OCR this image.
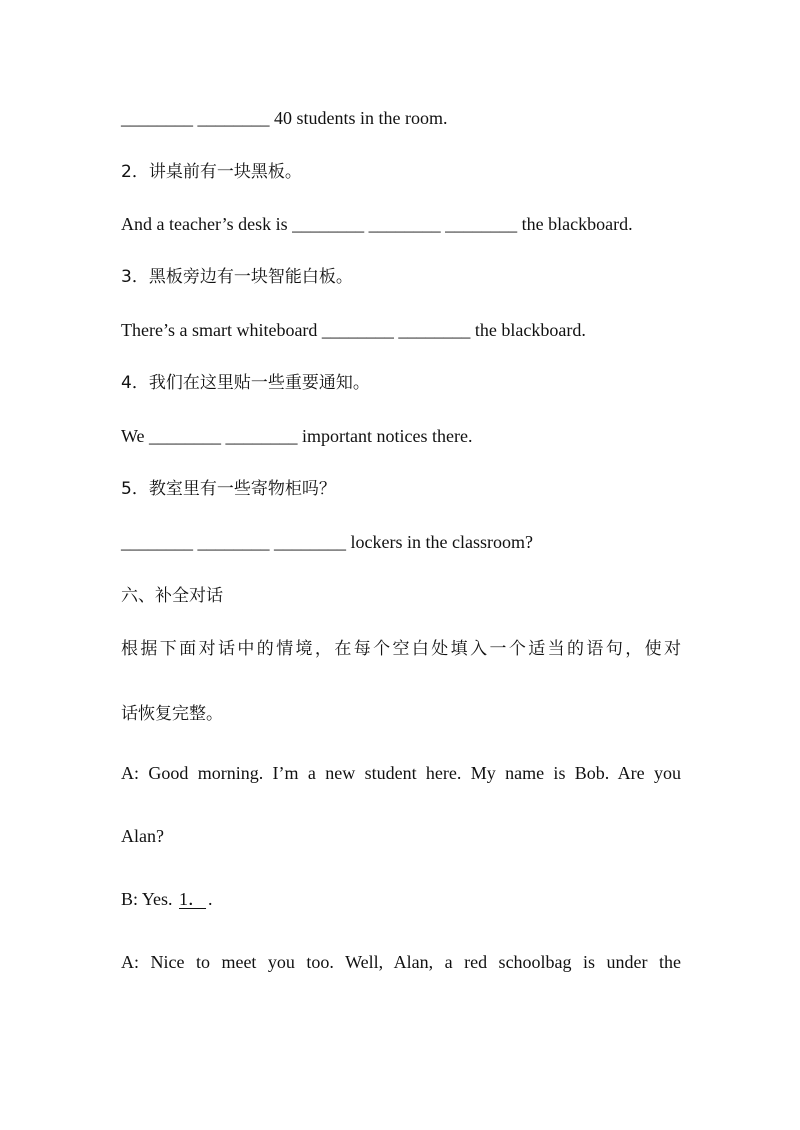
________ ________ 40 students in the room.
2．讲桌前有一块黑板。
And a teacher’s desk is ________ ________ ________ the blackboard.
3．黑板旁边有一块智能白板。
There’s a smart whiteboard ________ ________ the blackboard.
4．我们在这里贴一些重要通知。
We ________ ________ important notices there.
5．教室里有一些寄物柜吗？
________ ________ ________ lockers in the classroom?
六、补全对话
根据下面对话中的情境，在每个空白处填入一个适当的语句，使对
话恢复完整。
A: Good morning. I’m a new student here. My name is Bob. Are you
Alan?
B: Yes. 1． .
A: Nice to meet you too. Well, Alan, a red schoolbag is under the
